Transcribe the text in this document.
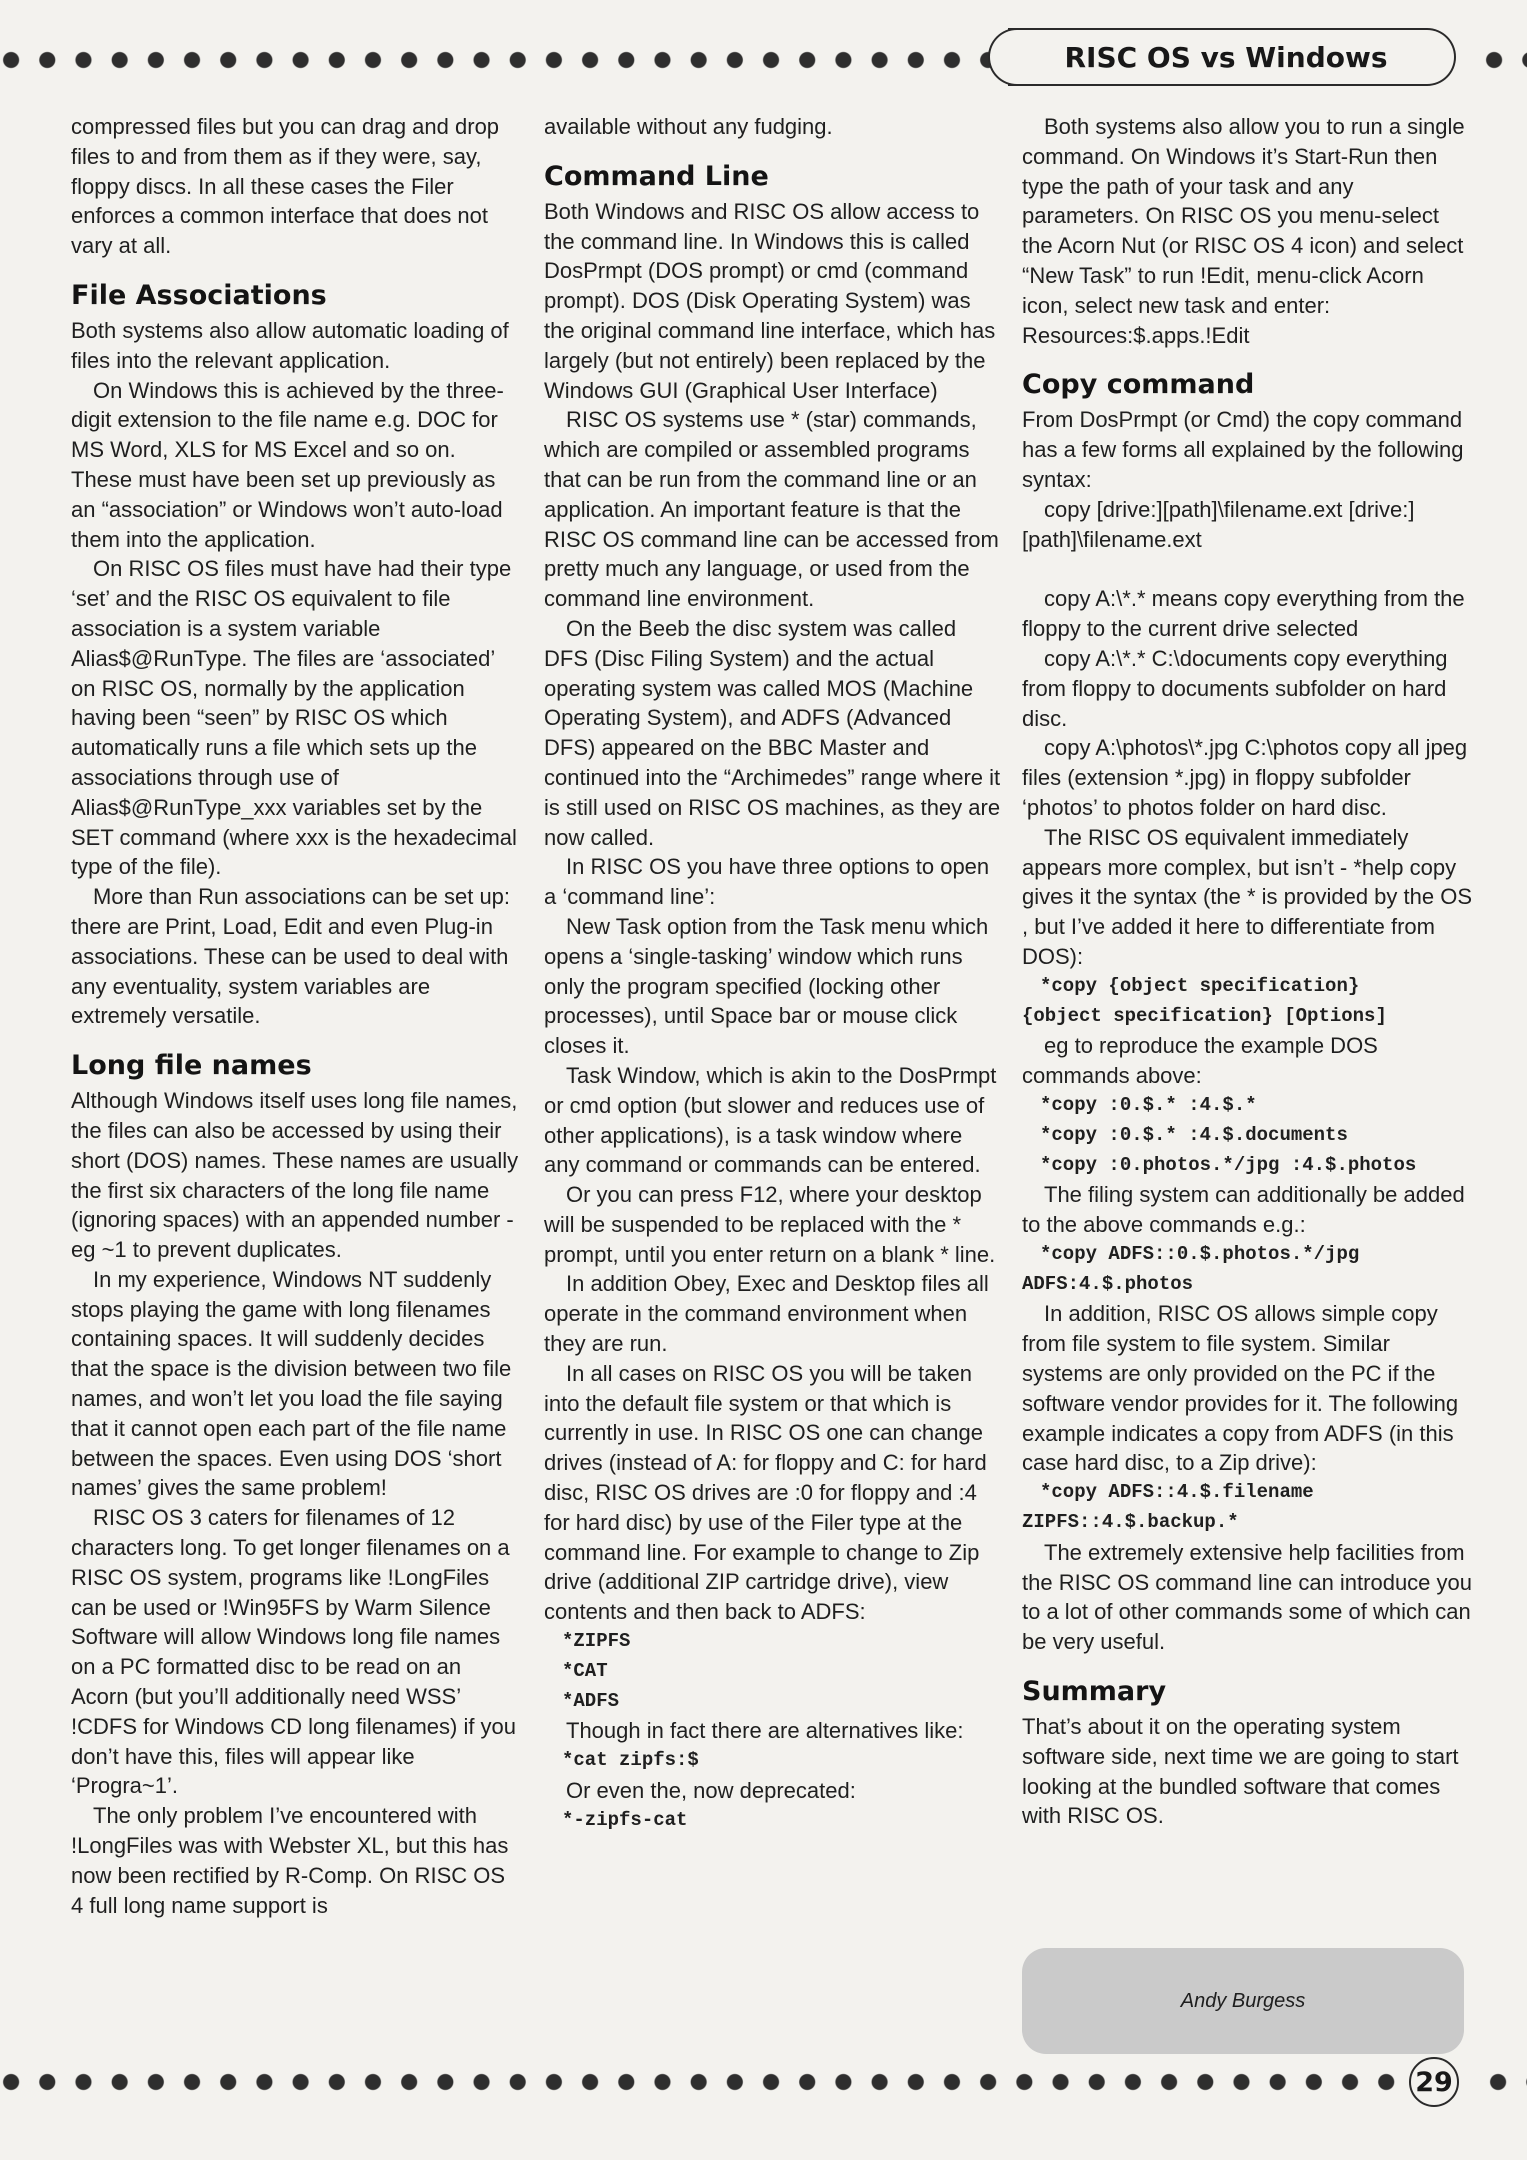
RISC OS vs Windows

compressed files but you can drag and drop files to and from them as if they were, say, floppy discs. In all these cases the Filer enforces a common interface that does not vary at all.

File Associations

Both systems also allow automatic loading of files into the relevant application.

On Windows this is achieved by the three-digit extension to the file name e.g. DOC for MS Word, XLS for MS Excel and so on. These must have been set up previously as an “association” or Windows won’t auto-load them into the application.

On RISC OS files must have had their type ‘set’ and the RISC OS equivalent to file association is a system variable Alias$@RunType. The files are ‘associated’ on RISC OS, normally by the application having been “seen” by RISC OS which automatically runs a file which sets up the associations through use of Alias$@RunType_xxx variables set by the SET command (where xxx is the hexadecimal type of the file).

More than Run associations can be set up: there are Print, Load, Edit and even Plug-in associations. These can be used to deal with any eventuality, system variables are extremely versatile.

Long file names

Although Windows itself uses long file names, the files can also be accessed by using their short (DOS) names. These names are usually the first six characters of the long file name (ignoring spaces) with an appended number - eg ~1 to prevent duplicates.

In my experience, Windows NT suddenly stops playing the game with long filenames containing spaces. It will suddenly decides that the space is the division between two file names, and won’t let you load the file saying that it cannot open each part of the file name between the spaces. Even using DOS ‘short names’ gives the same problem!

RISC OS 3 caters for filenames of 12 characters long. To get longer filenames on a RISC OS system, programs like !LongFiles can be used or !Win95FS by Warm Silence Software will allow Windows long file names on a PC formatted disc to be read on an Acorn (but you’ll additionally need WSS’ !CDFS for Windows CD long filenames) if you don’t have this, files will appear like ‘Progra~1’.

The only problem I’ve encountered with !LongFiles was with Webster XL, but this has now been rectified by R-Comp. On RISC OS 4 full long name support is

available without any fudging.

Command Line

Both Windows and RISC OS allow access to the command line. In Windows this is called DosPrmpt (DOS prompt) or cmd (command prompt). DOS (Disk Operating System) was the original command line interface, which has largely (but not entirely) been replaced by the Windows GUI (Graphical User Interface)

RISC OS systems use * (star) commands, which are compiled or assembled programs that can be run from the command line or an application. An important feature is that the RISC OS command line can be accessed from pretty much any language, or used from the command line environment.

On the Beeb the disc system was called DFS (Disc Filing System) and the actual operating system was called MOS (Machine Operating System), and ADFS (Advanced DFS) appeared on the BBC Master and continued into the “Archimedes” range where it is still used on RISC OS machines, as they are now called.

In RISC OS you have three options to open a ‘command line’:

New Task option from the Task menu which opens a ‘single-tasking’ window which runs only the program specified (locking other processes), until Space bar or mouse click closes it.

Task Window, which is akin to the DosPrmpt or cmd option (but slower and reduces use of other applications), is a task window where any command or commands can be entered.

Or you can press F12, where your desktop will be suspended to be replaced with the * prompt, until you enter return on a blank * line.

In addition Obey, Exec and Desktop files all operate in the command environment when they are run.

In all cases on RISC OS you will be taken into the default file system or that which is currently in use. In RISC OS one can change drives (instead of A: for floppy and C: for hard disc, RISC OS drives are :0 for floppy and :4 for hard disc) by use of the Filer type at the command line. For example to change to Zip drive (additional ZIP cartridge drive), view contents and then back to ADFS:

*ZIPFS
*CAT
*ADFS

Though in fact there are alternatives like:

*cat zipfs:$

Or even the, now deprecated:

*-zipfs-cat

Both systems also allow you to run a single command. On Windows it’s Start-Run then type the path of your task and any parameters. On RISC OS you menu-select the Acorn Nut (or RISC OS 4 icon) and select “New Task” to run !Edit, menu-click Acorn icon, select new task and enter: Resources:$.apps.!Edit

Copy command

From DosPrmpt (or Cmd) the copy command has a few forms all explained by the following syntax:

copy [drive:][path]\filename.ext [drive:][path]\filename.ext

copy A:\*.* means copy everything from the floppy to the current drive selected

copy A:\*.* C:\documents copy everything from floppy to documents subfolder on hard disc.

copy A:\photos\*.jpg C:\photos copy all jpeg files (extension *.jpg) in floppy subfolder ‘photos’ to photos folder on hard disc.

The RISC OS equivalent immediately appears more complex, but isn’t - *help copy gives it the syntax (the * is provided by the OS , but I’ve added it here to differentiate from DOS):

*copy {object specification}
{object specification} [Options]

eg to reproduce the example DOS commands above:

*copy :0.$.* :4.$.*
*copy :0.$.* :4.$.documents
*copy :0.photos.*/jpg :4.$.photos

The filing system can additionally be added to the above commands e.g.:

*copy ADFS::0.$.photos.*/jpg
ADFS:4.$.photos

In addition, RISC OS allows simple copy from file system to file system. Similar systems are only provided on the PC if the software vendor provides for it. The following example indicates a copy from ADFS (in this case hard disc, to a Zip drive):

*copy ADFS::4.$.filename
ZIPFS::4.$.backup.*

The extremely extensive help facilities from the RISC OS command line can introduce you to a lot of other commands some of which can be very useful.

Summary

That’s about it on the operating system software side, next time we are going to start looking at the bundled software that comes with RISC OS.

Andy Burgess
29
